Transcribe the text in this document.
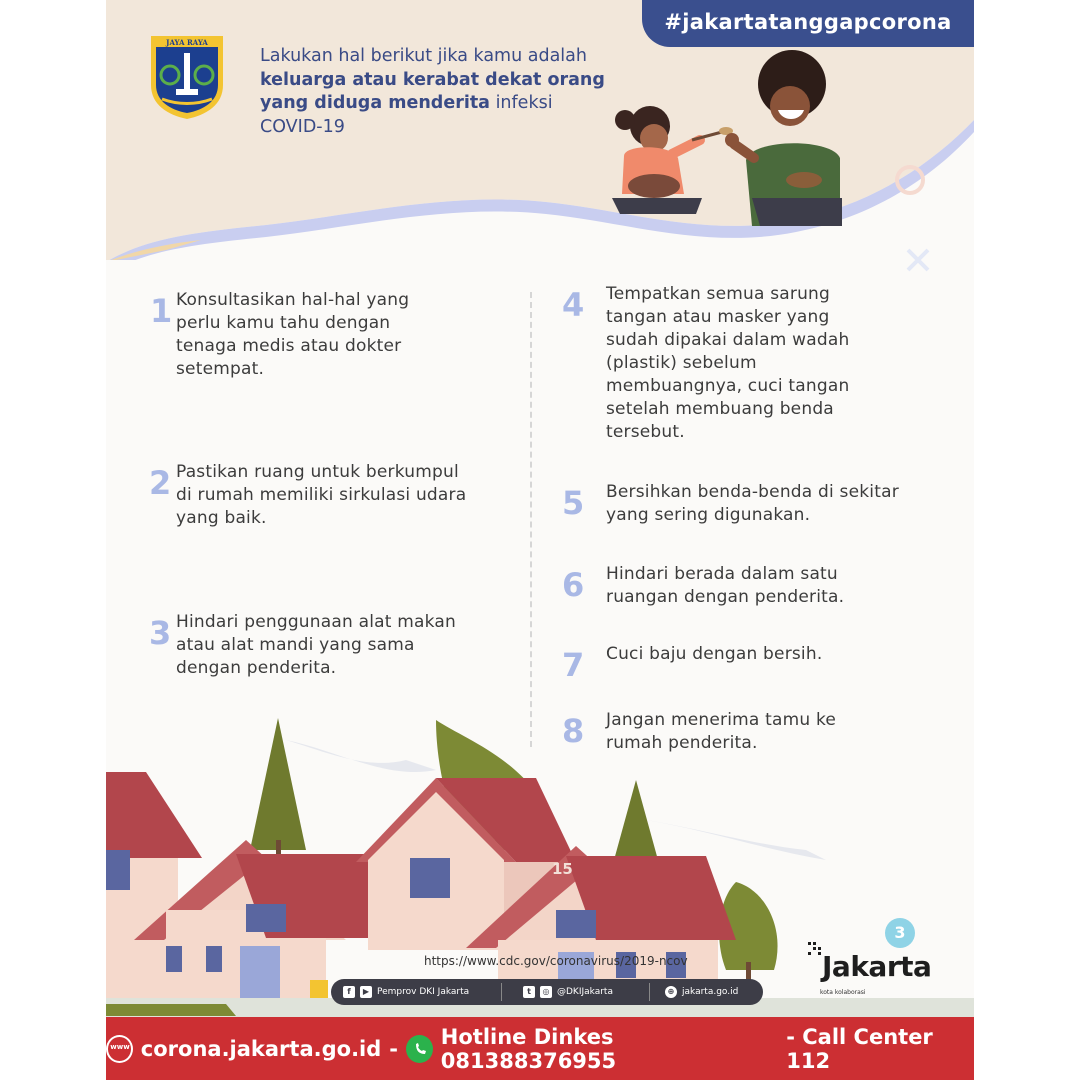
JAYA RAYA
Lakukan hal berikut jika kamu adalah keluarga atau kerabat dekat orang yang diduga menderita infeksi COVID-19
#jakartatanggapcorona
1 Konsultasikan hal-hal yang perlu kamu tahu dengan tenaga medis atau dokter setempat.
2 Pastikan ruang untuk berkumpul di rumah memiliki sirkulasi udara yang baik.
3 Hindari penggunaan alat makan atau alat mandi yang sama dengan penderita.
4 Tempatkan semua sarung tangan atau masker yang sudah dipakai dalam wadah (plastik) sebelum membuangnya, cuci tangan setelah membuang benda tersebut.
5 Bersihkan benda-benda di sekitar yang sering digunakan.
6 Hindari berada dalam satu ruangan dengan penderita.
7 Cuci baju dengan bersih.
8 Jangan menerima tamu ke rumah penderita.
15
https://www.cdc.gov/coronavirus/2019-ncov
f	▶ Pemprov DKI Jakarta	t	◎ @DKIJakarta	⊕ jakarta.go.id
Jakarta
kota kolaborasi
3
www corona.jakarta.go.id - Hotline Dinkes 081388376955
- Call Center 112
